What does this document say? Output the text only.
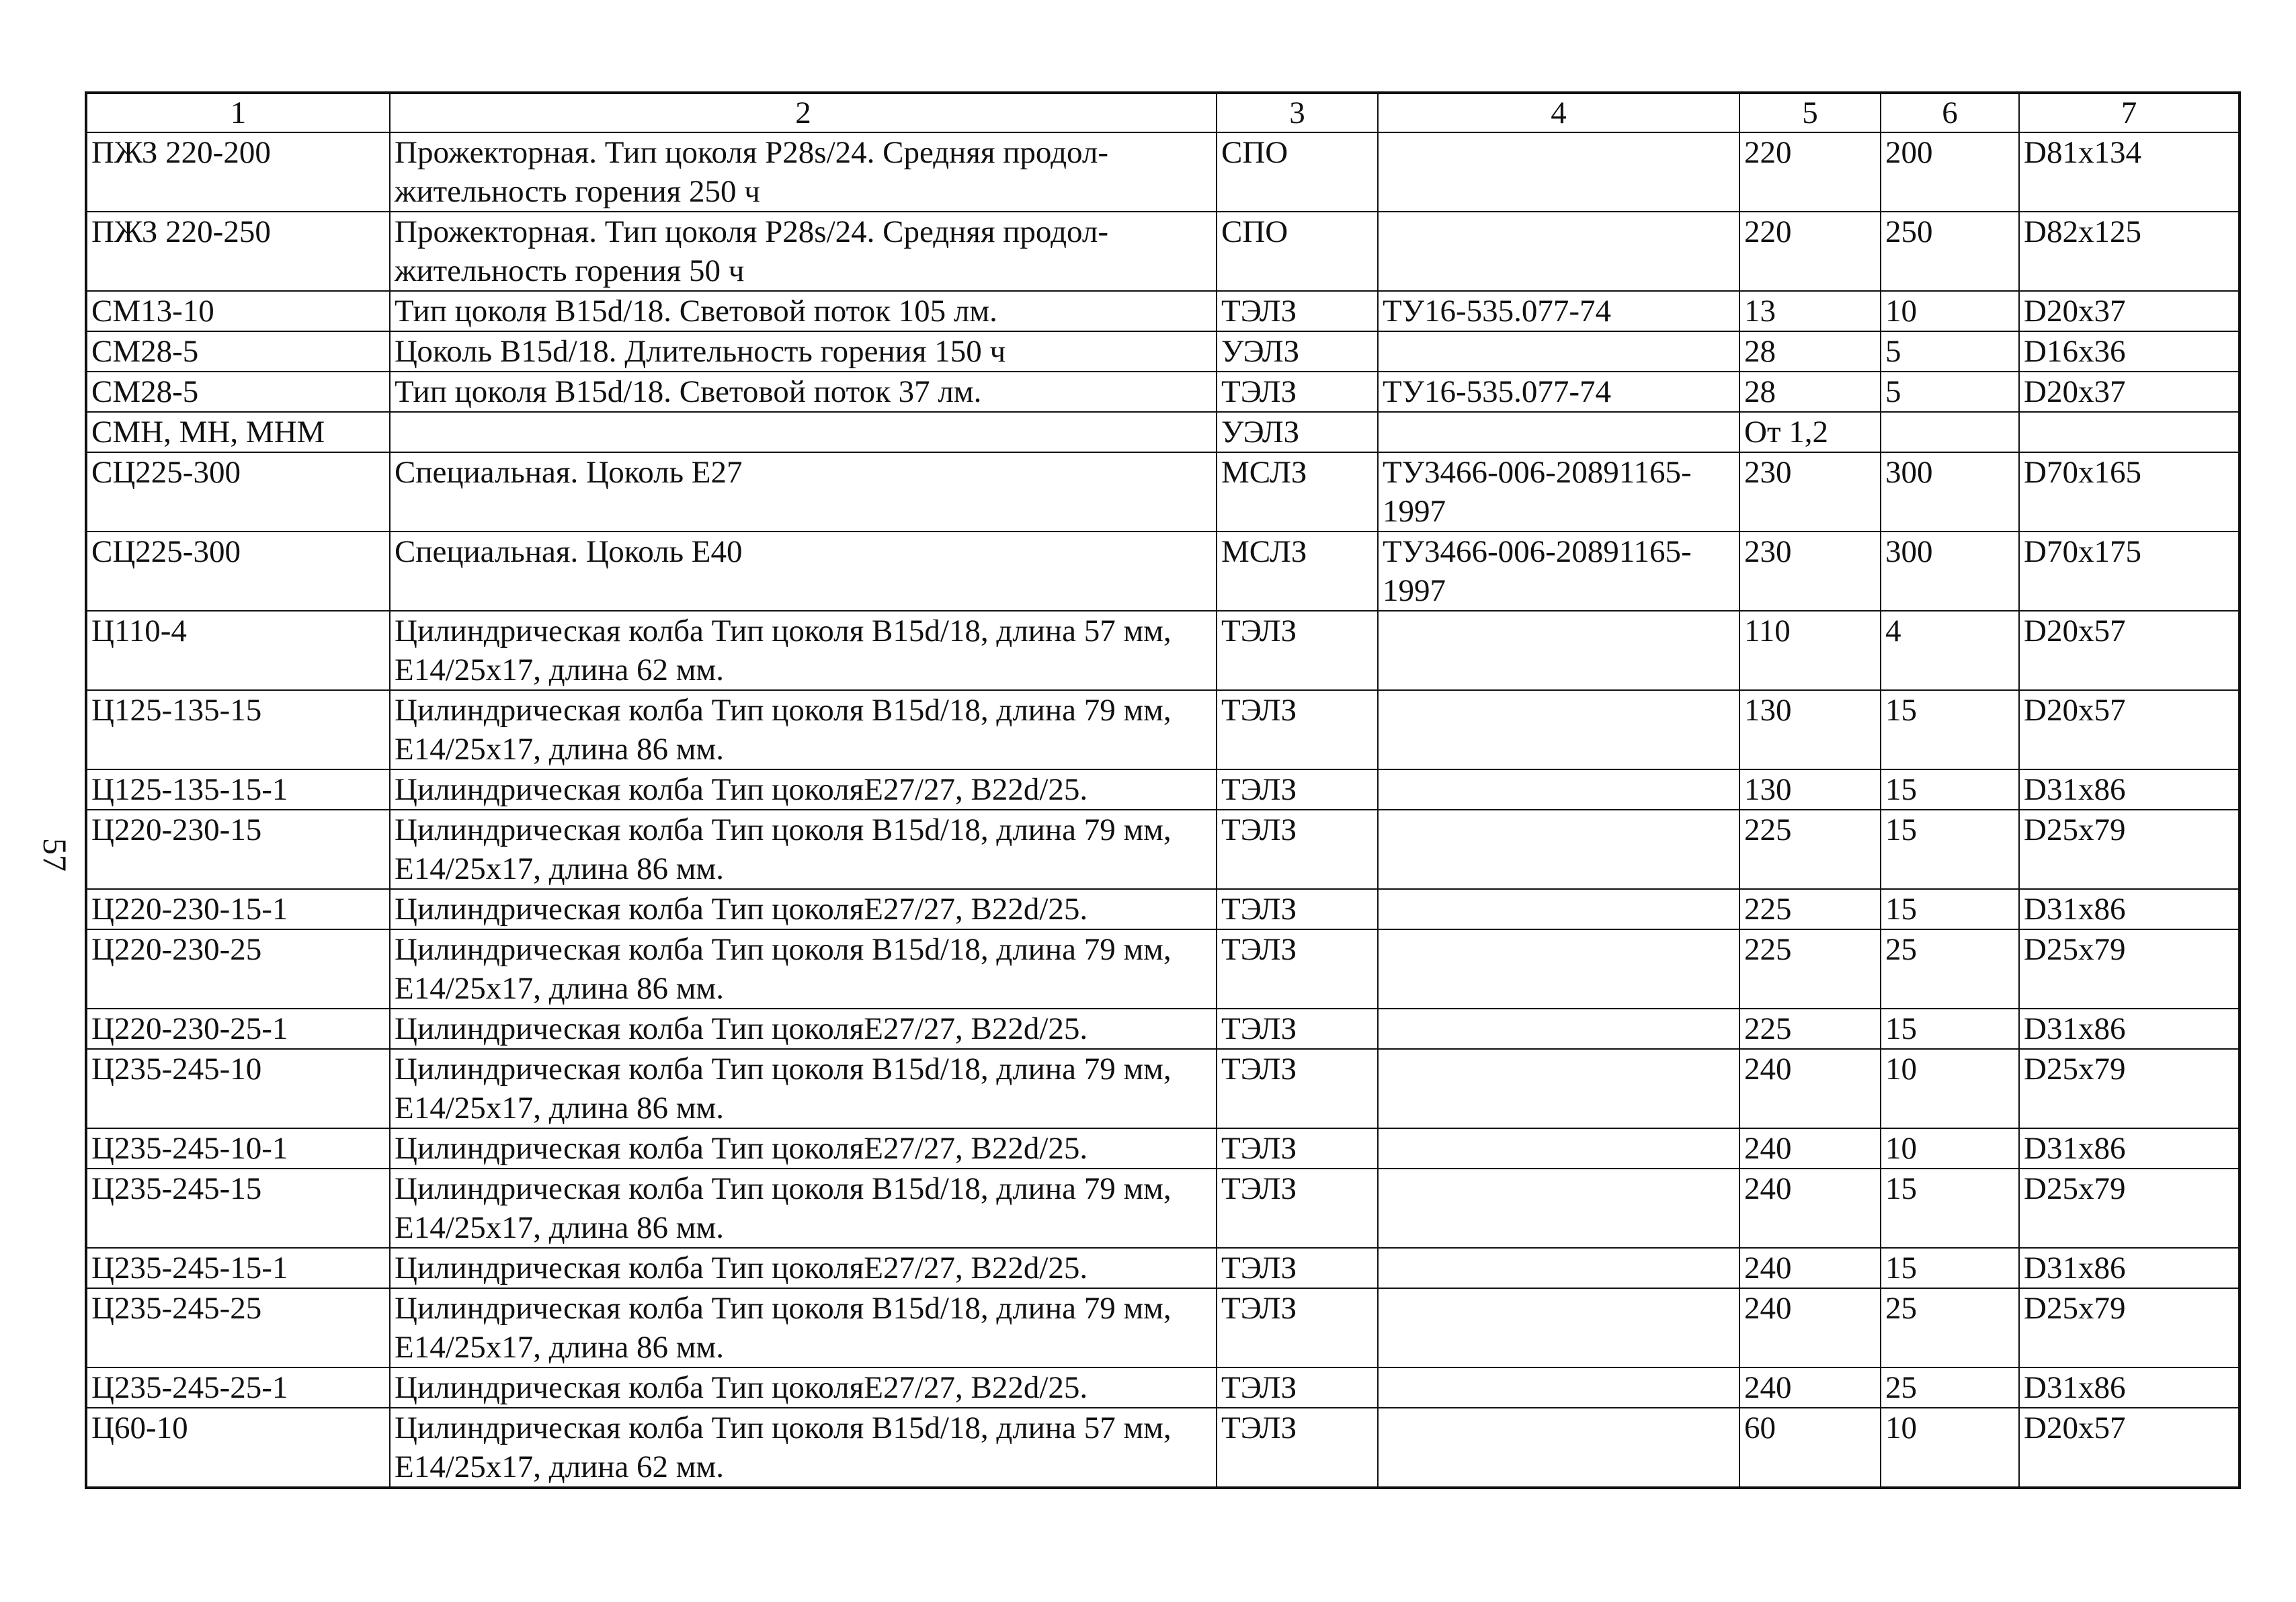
57
1	2	3	4	5	6	7
ПЖЗ 220-200	Прожекторная. Тип цоколя P28s/24. Средняя продол-жительность горения 250 ч	СПО		220	200	D81x134
ПЖЗ 220-250	Прожекторная. Тип цоколя P28s/24. Средняя продол-жительность горения 50 ч	СПО		220	250	D82x125
СМ13-10	Тип цоколя B15d/18. Световой поток 105 лм.	ТЭЛЗ	ТУ16-535.077-74	13	10	D20x37
СМ28-5	Цоколь B15d/18. Длительность горения 150 ч	УЭЛЗ		28	5	D16x36
СМ28-5	Тип цоколя B15d/18. Световой поток 37 лм.	ТЭЛЗ	ТУ16-535.077-74	28	5	D20x37
СМН, МН, МНМ		УЭЛЗ		От 1,2		
СЦ225-300	Специальная. Цоколь Е27	МСЛЗ	ТУ3466-006-20891165-1997	230	300	D70x165
СЦ225-300	Специальная. Цоколь Е40	МСЛЗ	ТУ3466-006-20891165-1997	230	300	D70x175
Ц110-4	Цилиндрическая колба Тип цоколя B15d/18, длина 57 мм, Е14/25x17, длина 62 мм.	ТЭЛЗ		110	4	D20x57
Ц125-135-15	Цилиндрическая колба Тип цоколя B15d/18, длина 79 мм, Е14/25x17, длина 86 мм.	ТЭЛЗ		130	15	D20x57
Ц125-135-15-1	Цилиндрическая колба Тип цоколяE27/27, B22d/25.	ТЭЛЗ		130	15	D31x86
Ц220-230-15	Цилиндрическая колба Тип цоколя B15d/18, длина 79 мм, Е14/25x17, длина 86 мм.	ТЭЛЗ		225	15	D25x79
Ц220-230-15-1	Цилиндрическая колба Тип цоколяE27/27, B22d/25.	ТЭЛЗ		225	15	D31x86
Ц220-230-25	Цилиндрическая колба Тип цоколя B15d/18, длина 79 мм, Е14/25x17, длина 86 мм.	ТЭЛЗ		225	25	D25x79
Ц220-230-25-1	Цилиндрическая колба Тип цоколяE27/27, B22d/25.	ТЭЛЗ		225	15	D31x86
Ц235-245-10	Цилиндрическая колба Тип цоколя B15d/18, длина 79 мм, Е14/25x17, длина 86 мм.	ТЭЛЗ		240	10	D25x79
Ц235-245-10-1	Цилиндрическая колба Тип цоколяE27/27, B22d/25.	ТЭЛЗ		240	10	D31x86
Ц235-245-15	Цилиндрическая колба Тип цоколя B15d/18, длина 79 мм, Е14/25x17, длина 86 мм.	ТЭЛЗ		240	15	D25x79
Ц235-245-15-1	Цилиндрическая колба Тип цоколяE27/27, B22d/25.	ТЭЛЗ		240	15	D31x86
Ц235-245-25	Цилиндрическая колба Тип цоколя B15d/18, длина 79 мм, Е14/25x17, длина 86 мм.	ТЭЛЗ		240	25	D25x79
Ц235-245-25-1	Цилиндрическая колба Тип цоколяE27/27, B22d/25.	ТЭЛЗ		240	25	D31x86
Ц60-10	Цилиндрическая колба Тип цоколя B15d/18, длина 57 мм, Е14/25x17, длина 62 мм.	ТЭЛЗ		60	10	D20x57
